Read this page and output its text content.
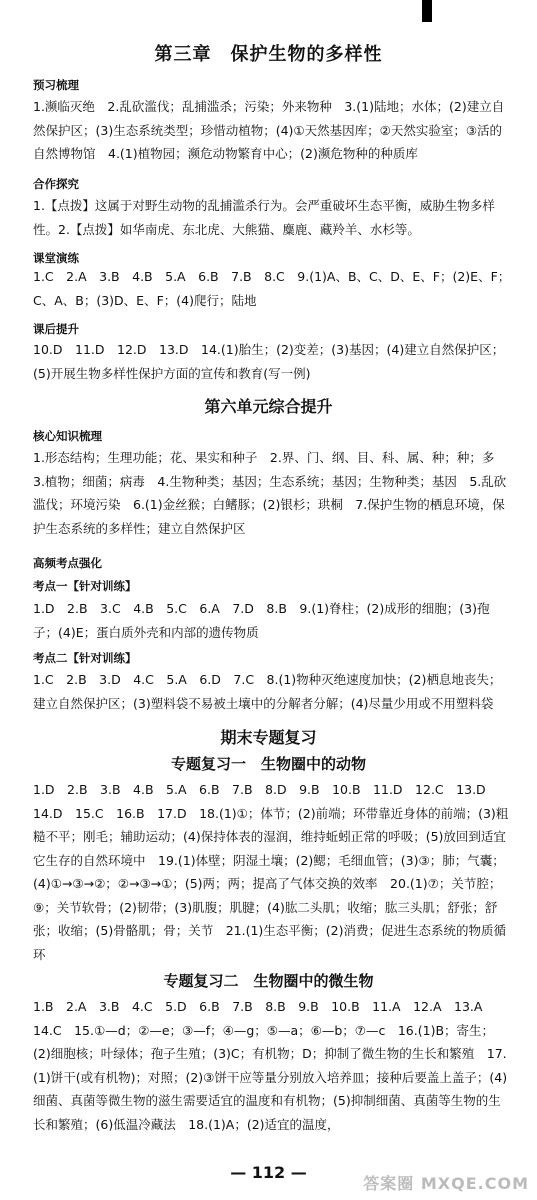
第三章　保护生物的多样性
预习梳理
1.濒临灭绝　2.乱砍滥伐；乱捕滥杀；污染；外来物种　3.(1)陆地；水体；(2)建立自然保护区；(3)生态系统类型；珍惜动植物；(4)①天然基因库；②天然实验室；③活的自然博物馆　4.(1)植物园；濒危动物繁育中心；(2)濒危物种的种质库
合作探究
1.【点拨】这属于对野生动物的乱捕滥杀行为。会严重破坏生态平衡，威胁生物多样性。2.【点拨】如华南虎、东北虎、大熊猫、麋鹿、藏羚羊、水杉等。
课堂演练
1.C　2.A　3.B　4.B　5.A　6.B　7.B　8.C　9.(1)A、B、C、D、E、F；(2)E、F；C、A、B；(3)D、E、F；(4)爬行；陆地
课后提升
10.D　11.D　12.D　13.D　14.(1)胎生；(2)变差；(3)基因；(4)建立自然保护区；(5)开展生物多样性保护方面的宣传和教育(写一例)
第六单元综合提升
核心知识梳理
1.形态结构；生理功能；花、果实和种子　2.界、门、纲、目、科、属、种；种；多　3.植物；细菌；病毒　4.生物种类；基因；生态系统；基因；生物种类；基因　5.乱砍滥伐；环境污染　6.(1)金丝猴；白鳍豚；(2)银杉；珙桐　7.保护生物的栖息环境，保护生态系统的多样性；建立自然保护区
高频考点强化
考点一【针对训练】
1.D　2.B　3.C　4.B　5.C　6.A　7.D　8.B　9.(1)脊柱；(2)成形的细胞；(3)孢子；(4)E；蛋白质外壳和内部的遗传物质
考点二【针对训练】
1.C　2.B　3.D　4.C　5.A　6.D　7.C　8.(1)物种灭绝速度加快；(2)栖息地丧失；建立自然保护区；(3)塑料袋不易被土壤中的分解者分解；(4)尽量少用或不用塑料袋
期末专题复习
专题复习一　生物圈中的动物
1.D　2.B　3.B　4.B　5.A　6.B　7.B　8.D　9.B　10.B　11.D　12.C　13.D　14.D　15.C　16.B　17.D　18.(1)①；体节；(2)前端；环带靠近身体的前端；(3)粗糙不平；刚毛；辅助运动；(4)保持体表的湿润，维持蚯蚓正常的呼吸；(5)放回到适宜它生存的自然环境中　19.(1)体壁；阴湿土壤；(2)鳃；毛细血管；(3)③；肺；气囊；(4)①→③→②；②→③→①；(5)两；两；提高了气体交换的效率　20.(1)⑦；关节腔；⑨；关节软骨；(2)韧带；(3)肌腹；肌腱；(4)肱二头肌；收缩；肱三头肌；舒张；舒张；收缩；(5)骨骼肌；骨；关节　21.(1)生态平衡；(2)消费；促进生态系统的物质循环
专题复习二　生物圈中的微生物
1.B　2.A　3.B　4.C　5.D　6.B　7.B　8.B　9.B　10.B　11.A　12.A　13.A　14.C　15.①—d；②—e；③—f；④—g；⑤—a；⑥—b；⑦—c　16.(1)B；寄生；(2)细胞核；叶绿体；孢子生殖；(3)C；有机物；D；抑制了微生物的生长和繁殖　17.(1)饼干(或有机物)；对照；(2)③饼干应等量分别放入培养皿；接种后要盖上盖子；(4)细菌、真菌等微生物的滋生需要适宜的温度和有机物；(5)抑制细菌、真菌等生物的生长和繁殖；(6)低温冷藏法　18.(1)A；(2)适宜的温度，
— 112 —
答案圈 MXQE.COM
